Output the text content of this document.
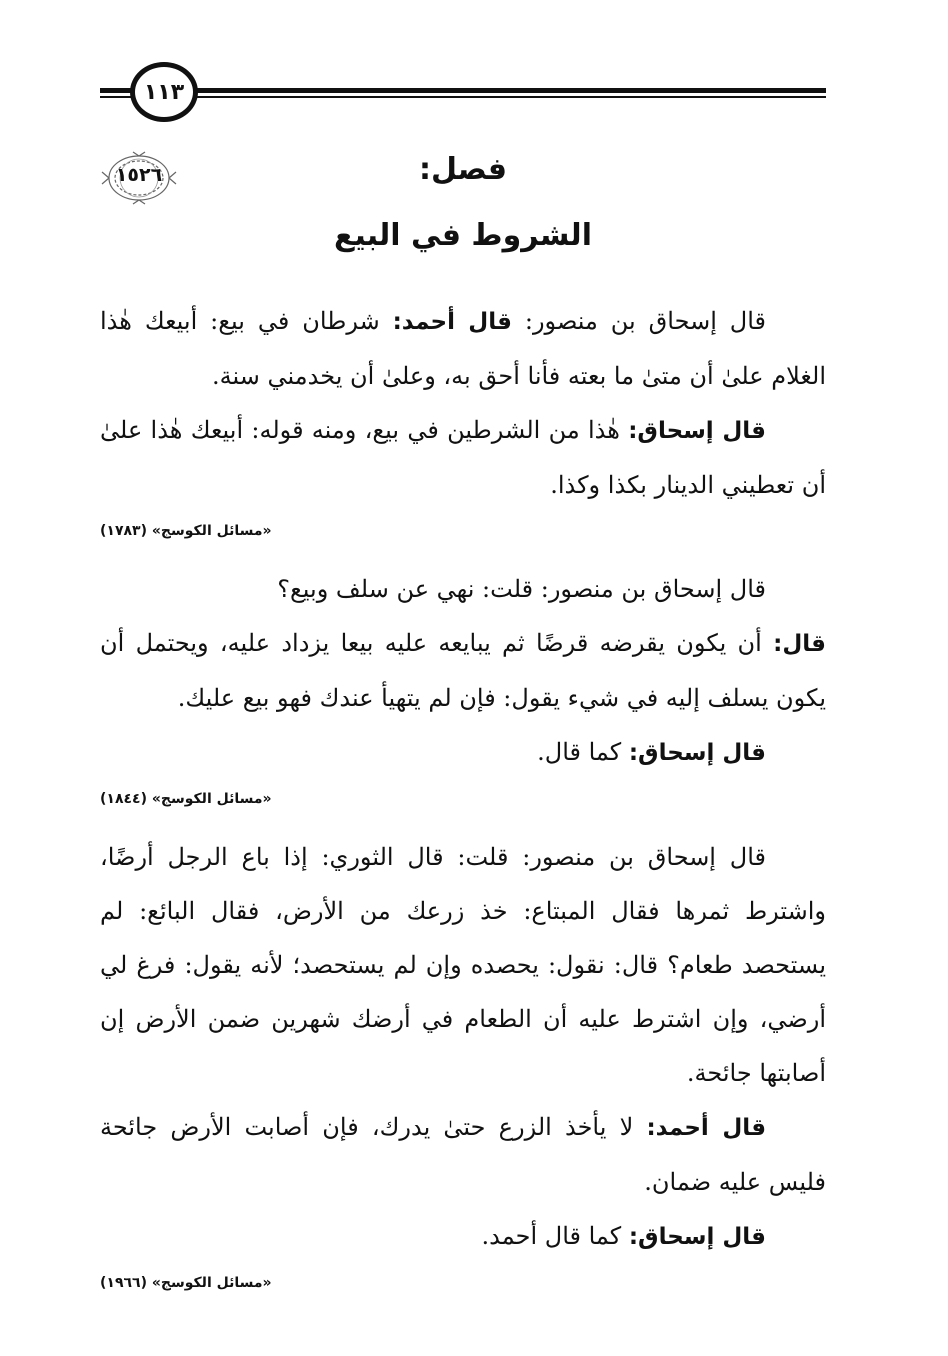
١١٣
١٥٢٦	فصل:
الشروط في البيع

قال إسحاق بن منصور: قال أحمد: شرطان في بيع: أبيعك هٰذا الغلام علىٰ أن متىٰ ما بعته فأنا أحق به، وعلىٰ أن يخدمني سنة.

قال إسحاق: هٰذا من الشرطين في بيع، ومنه قوله: أبيعك هٰذا علىٰ أن تعطيني الدينار بكذا وكذا.

«مسائل الكوسج» (١٧٨٣)

قال إسحاق بن منصور: قلت: نهي عن سلف وبيع؟

قال: أن يكون يقرضه قرضًا ثم يبايعه عليه بيعا يزداد عليه، ويحتمل أن يكون يسلف إليه في شيء يقول: فإن لم يتهيأ عندك فهو بيع عليك.

قال إسحاق: كما قال.

«مسائل الكوسج» (١٨٤٤)

قال إسحاق بن منصور: قلت: قال الثوري: إذا باع الرجل أرضًا، واشترط ثمرها فقال المبتاع: خذ زرعك من الأرض، فقال البائع: لم يستحصد طعام؟ قال: نقول: يحصده وإن لم يستحصد؛ لأنه يقول: فرغ لي أرضي، وإن اشترط عليه أن الطعام في أرضك شهرين ضمن الأرض إن أصابتها جائحة.

قال أحمد: لا يأخذ الزرع حتىٰ يدرك، فإن أصابت الأرض جائحة فليس عليه ضمان.

قال إسحاق: كما قال أحمد.

«مسائل الكوسج» (١٩٦٦)
